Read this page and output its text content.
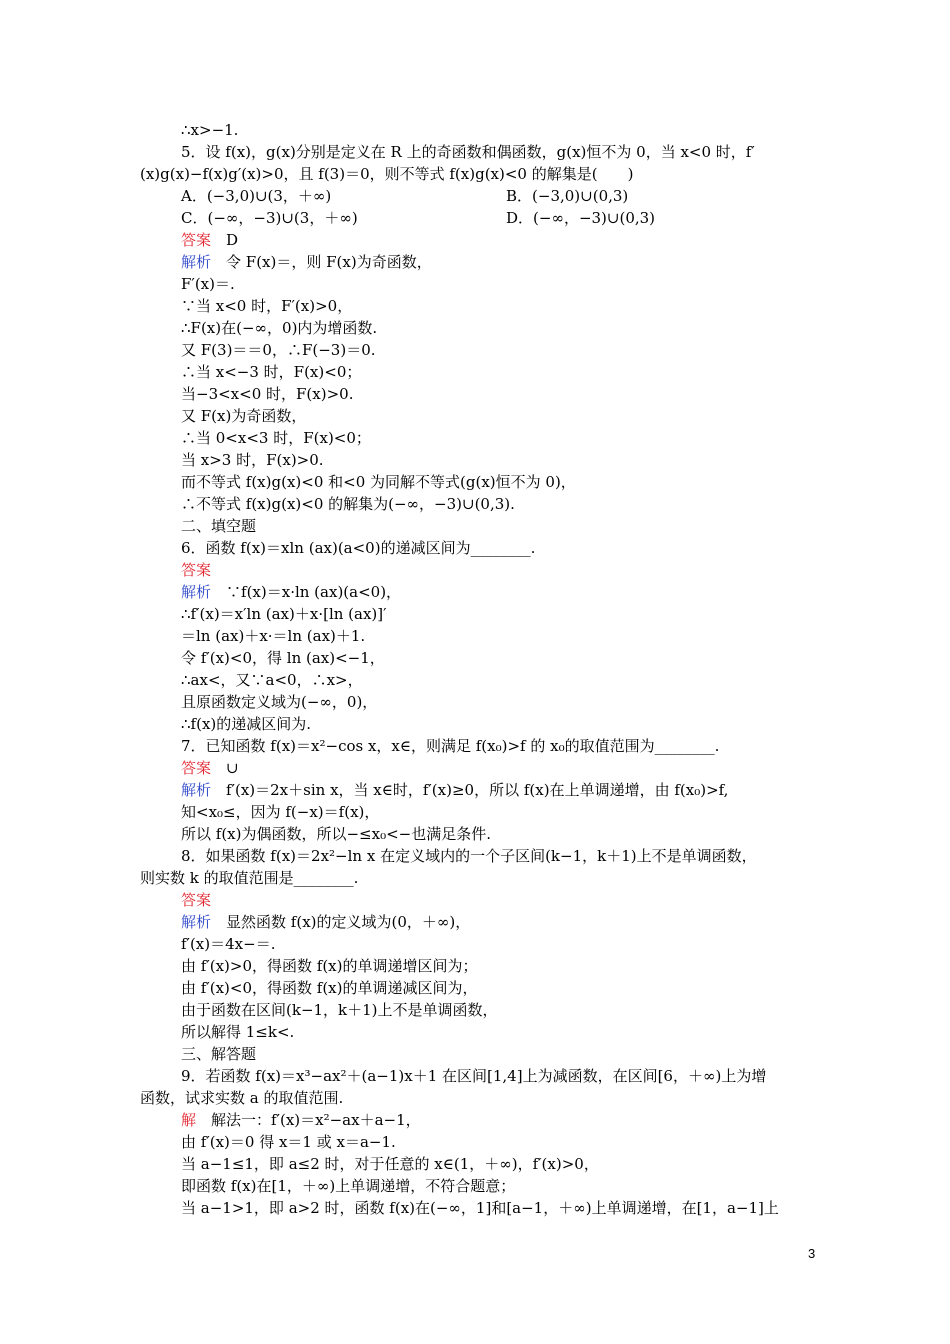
∴x>−1.
5．设 f(x)，g(x)分别是定义在 R 上的奇函数和偶函数，g(x)恒不为 0，当 x<0 时，f′
(x)g(x)−f(x)g′(x)>0，且 f(3)＝0，则不等式 f(x)g(x)<0 的解集是(　　)
A．(−3,0)∪(3，＋∞)	B．(−3,0)∪(0,3)
C．(−∞，−3)∪(3，＋∞)	D．(−∞，−3)∪(0,3)
答案　D
解析　令 F(x)＝，则 F(x)为奇函数，
F′(x)＝.
∵当 x<0 时，F′(x)>0，
∴F(x)在(−∞，0)内为增函数.
又 F(3)＝＝0，∴F(−3)＝0.
∴当 x<−3 时，F(x)<0；
当−3<x<0 时，F(x)>0.
又 F(x)为奇函数，
∴当 0<x<3 时，F(x)<0；
当 x>3 时，F(x)>0.
而不等式 f(x)g(x)<0 和<0 为同解不等式(g(x)恒不为 0)，
∴不等式 f(x)g(x)<0 的解集为(−∞，−3)∪(0,3).
二、填空题
6．函数 f(x)＝xln (ax)(a<0)的递减区间为________.
答案
解析　∵f(x)＝x·ln (ax)(a<0)，
∴f′(x)＝x′ln (ax)＋x·[ln (ax)]′
＝ln (ax)＋x·＝ln (ax)＋1.
令 f′(x)<0，得 ln (ax)<−1，
∴ax<，又∵a<0，∴x>，
且原函数定义域为(−∞，0)，
∴f(x)的递减区间为.
7．已知函数 f(x)＝x²−cos x，x∈，则满足 f(x₀)>f 的 x₀的取值范围为________.
答案　∪
解析　f′(x)＝2x＋sin x，当 x∈时，f′(x)≥0，所以 f(x)在上单调递增，由 f(x₀)>f,
知<x₀≤，因为 f(−x)＝f(x)，
所以 f(x)为偶函数，所以−≤x₀<−也满足条件.
8．如果函数 f(x)＝2x²−ln x 在定义域内的一个子区间(k−1，k＋1)上不是单调函数，
则实数 k 的取值范围是________.
答案
解析　显然函数 f(x)的定义域为(0，＋∞)，
f′(x)＝4x−＝.
由 f′(x)>0，得函数 f(x)的单调递增区间为；
由 f′(x)<0，得函数 f(x)的单调递减区间为，
由于函数在区间(k−1，k＋1)上不是单调函数，
所以解得 1≤k<.
三、解答题
9．若函数 f(x)＝x³−ax²＋(a−1)x＋1 在区间[1,4]上为减函数，在区间[6，＋∞)上为增
函数，试求实数 a 的取值范围.
解　解法一：f′(x)＝x²−ax＋a−1，
由 f′(x)＝0 得 x＝1 或 x＝a−1.
当 a−1≤1，即 a≤2 时，对于任意的 x∈(1，＋∞)，f′(x)>0，
即函数 f(x)在[1，＋∞)上单调递增，不符合题意；
当 a−1>1，即 a>2 时，函数 f(x)在(−∞，1]和[a−1，＋∞)上单调递增，在[1，a−1]上
3
